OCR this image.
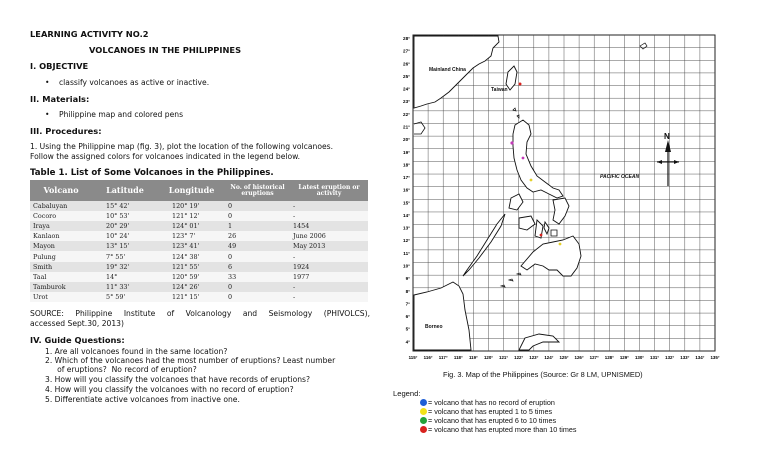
LEARNING ACTIVITY NO.2
VOLCANOES IN THE PHILIPPINES
I. OBJECTIVE
• classify volcanoes as active or inactive.
II. Materials:
• Philippine map and colored pens
III. Procedures:
1. Using the Philippine map (fig. 3), plot the location of the following volcanoes.
Follow the assigned colors for volcanoes indicated in the legend below.
Table 1. List of Some Volcanoes in the Philippines.
Volcano	Latitude	Longitude	No. of historical eruptions	Latest eruption or activity
Cabaluyan	15° 42'	120° 19'	0	-
Cocoro	10° 53'	121° 12'	0	-
Iraya	20° 29'	124° 01'	1	1454
Kanlaon	10° 24'	123° 7'	26	June 2006
Mayon	13° 15'	123° 41'	49	May 2013
Pulung	7° 55'	124° 38'	0	-
Smith	19° 32'	121° 55'	6	1924
Taal	14°	120° 59'	33	1977
Tamburok	11° 33'	124° 26'	0	-
Urot	5° 59'	121° 15'	0	-
SOURCE: Philippine Institute of Volcanology and Seismology (PHIVOLCS),
accessed Sept.30, 2013)
IV. Guide Questions:
1. Are all volcanoes found in the same location?
2. Which of the volcanoes had the most number of eruptions? Least number
of eruptions?  No record of eruption?
3. How will you classify the volcanoes that have records of eruptions?
4. How will you classify the volcanoes with no record of eruption?
5. Differentiate active volcanoes from inactive one.
28°
27°
26°
25°
24°
23°
22°
21°
20°
19°
18°
17°
16°
15°
14°
13°
12°
11°
10°
9°
8°
7°
6°
5°
4°
115° 116° 117° 118° 119° 120° 121° 122° 123° 124° 125° 126° 127° 128° 129° 130° 131° 132° 133° 134° 135°
Mainland China
Taiwan
PACIFIC OCEAN
Borneo
N
Fig. 3. Map of the Philippines (Source: Gr 8 LM, UPNISMED)
Legend:
= volcano that has no record of eruption
= volcano that has erupted 1 to 5 times
= volcano that has erupted 6 to 10 times
= volcano that has erupted more than 10 times
